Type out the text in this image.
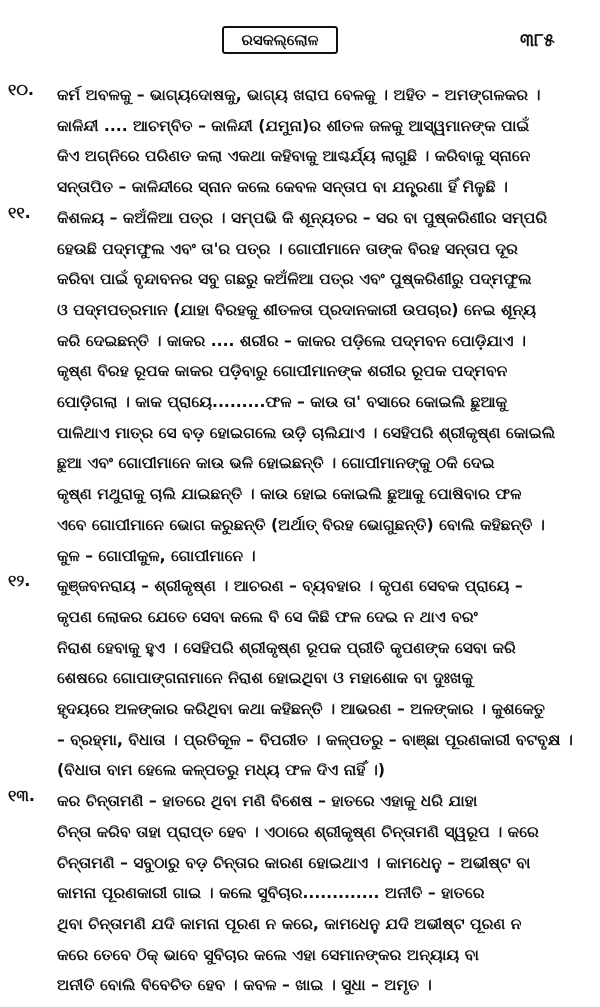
ରସକଲ୍ଲୋଳ	୩୮୫
୧୦.	କର୍ମ ଅବଳକୁ – ଭାଗ୍ୟଦୋଷକୁ, ଭାଗ୍ୟ ଖରାପ ବେଳକୁ । ଅହିତ – ଅମଙ୍ଗଳକର ।
କାଳିନ୍ଦୀ .... ଆଚମ୍ବିତ – କାଳିନ୍ଦୀ (ଯମୁନା)ର ଶୀତଳ ଜଳକୁ ଆସ୍ୱମାନଙ୍କ ପାଇଁ
କିଏ ଅଗ୍ନିରେ ପରିଣତ କଲା ଏକଥା କହିବାକୁ ଆଶ୍ଚର୍ଯ୍ୟ ଲାଗୁଛି । କରିବାକୁ ସ୍ନାନେ
ସନ୍ତାପିତ – କାଳିନ୍ଦୀରେ ସ୍ନାନ କଲେ କେବଳ ସନ୍ତାପ ବା ଯନ୍ତ୍ରଣା ହିଁ ମିଳୁଛି ।
୧୧.	କିଶଳୟ – କଅଁଳିଆ ପତ୍ର । ସମ୍ପଭି କି ଶୂନ୍ୟତର – ସର ବା ପୁଷ୍କରିଣୀର ସମ୍ପରି
ହେଉଛି ପଦ୍ମଫୁଲ ଏବଂ ତା'ର ପତ୍ର । ଗୋପୀମାନେ ତାଙ୍କ ବିରହ ସନ୍ତାପ ଦୂର
କରିବା ପାଇଁ ବୃନ୍ଦାବନର ସବୁ ଗଛରୁ କଅଁଳିଆ ପତ୍ର ଏବଂ ପୁଷ୍କରିଣୀରୁ ପଦ୍ମଫୁଲ
ଓ ପଦ୍ମପତ୍ରମାନ (ଯାହା ବିରହକୁ ଶୀତଳତା ପ୍ରଦାନକାରୀ ଉପଚାର) ନେଇ ଶୂନ୍ୟ
କରି ଦେଇଛନ୍ତି । କାକର .... ଶରୀର – କାକର ପଡ଼ିଲେ ପଦ୍ମବନ ପୋଡ଼ିଯାଏ ।
କୃଷ୍ଣ ବିରହ ରୂପକ କାକର ପଡ଼ିବାରୁ ଗୋପୀମାନଙ୍କ ଶରୀର ରୂପକ ପଦ୍ମବନ
ପୋଡ଼ିଗଲା । କାକ ପ୍ରାୟେ.........ଫଳ – କାଉ ତା' ବସାରେ କୋଇଲି ଛୁଆକୁ
ପାଳିଥାଏ ମାତ୍ର ସେ ବଡ଼ ହୋଇଗଲେ ଉଡ଼ି ଚାଲିଯାଏ । ସେହିପରି ଶ୍ରୀକୃଷ୍ଣ କୋଇଲି
ଛୁଆ ଏବଂ ଗୋପୀମାନେ କାଉ ଭଳି ହୋଇଛନ୍ତି । ଗୋପୀମାନଙ୍କୁ ଠକି ଦେଇ
କୃଷ୍ଣ ମଥୁରାକୁ ଚାଲି ଯାଇଛନ୍ତି । କାଉ ହୋଇ କୋଇଲି ଛୁଆକୁ ପୋଷିବାର ଫଳ
ଏବେ ଗୋପୀମାନେ ଭୋଗ କରୁଛନ୍ତି (ଅର୍ଥାତ୍ ବିରହ ଭୋଗୁଛନ୍ତି) ବୋଲି କହିଛନ୍ତି ।
କୁଳ – ଗୋପୀକୁଳ, ଗୋପୀମାନେ ।
୧୨.	କୁଞ୍ଜବନରାୟ – ଶ୍ରୀକୃଷ୍ଣ । ଆଚରଣ – ବ୍ୟବହାର । କୃପଣ ସେବକ ପ୍ରାୟେ –
କୃପଣ ଲୋକର ଯେତେ ସେବା କଲେ ବି ସେ କିଛି ଫଳ ଦେଇ ନ ଥାଏ ବରଂ
ନିରାଶ ହେବାକୁ ହୁଏ । ସେହିପରି ଶ୍ରୀକୃଷ୍ଣ ରୂପକ ପ୍ରୀତି କୃପଣଙ୍କ ସେବା କରି
ଶେଷରେ ଗୋପାଙ୍ଗନାମାନେ ନିରାଶ ହୋଇଥିବା ଓ ମହାଶୋକ ବା ଦୁଃଖକୁ
ହୃଦୟରେ ଅଳଙ୍କାର କରିଥିବା କଥା କହିଛନ୍ତି । ଆଭରଣ – ଅଳଙ୍କାର । କୁଶକେତୁ
– ବ୍ରହ୍ମା, ବିଧାତା । ପ୍ରତିକୂଳ – ବିପରୀତ । କଳ୍ପତରୁ – ବାଞ୍ଛା ପୂରଣକାରୀ ବଟବୃକ୍ଷ ।
(ବିଧାତା ବାମ ହେଲେ କଳ୍ପତରୁ ମଧ୍ୟ ଫଳ ଦିଏ ନାହିଁ ।)
୧୩.	କର ଚିନ୍ତାମଣି – ହାତରେ ଥିବା ମଣି ବିଶେଷ – ହାତରେ ଏହାକୁ ଧରି ଯାହା
ଚିନ୍ତା କରିବ ତାହା ପ୍ରାପ୍ତ ହେବ । ଏଠାରେ ଶ୍ରୀକୃଷ୍ଣ ଚିନ୍ତାମଣି ସ୍ୱରୂପ । କରେ
ଚିନ୍ତାମଣି – ସବୁଠାରୁ ବଡ଼ ଚିନ୍ତାର କାରଣ ହୋଇଥାଏ । କାମଧେନୁ – ଅଭୀଷ୍ଟ ବା
କାମନା ପୂରଣକାରୀ ଗାଇ । କଲେ ସୁବିଚାର............. ଅନୀତି – ହାତରେ
ଥିବା ଚିନ୍ତାମଣି ଯଦି କାମନା ପୂରଣ ନ କରେ, କାମଧେନୁ ଯଦି ଅଭୀଷ୍ଟ ପୂରଣ ନ
କରେ ତେବେ ଠିକ୍ ଭାବେ ସୁବିଚାର କଲେ ଏହା ସେମାନଙ୍କର ଅନ୍ୟାୟ ବା
ଅନୀତି ବୋଲି ବିବେଚିତ ହେବ । କବଳ – ଖାଇ । ସୁଧା – ଅମୃତ ।
